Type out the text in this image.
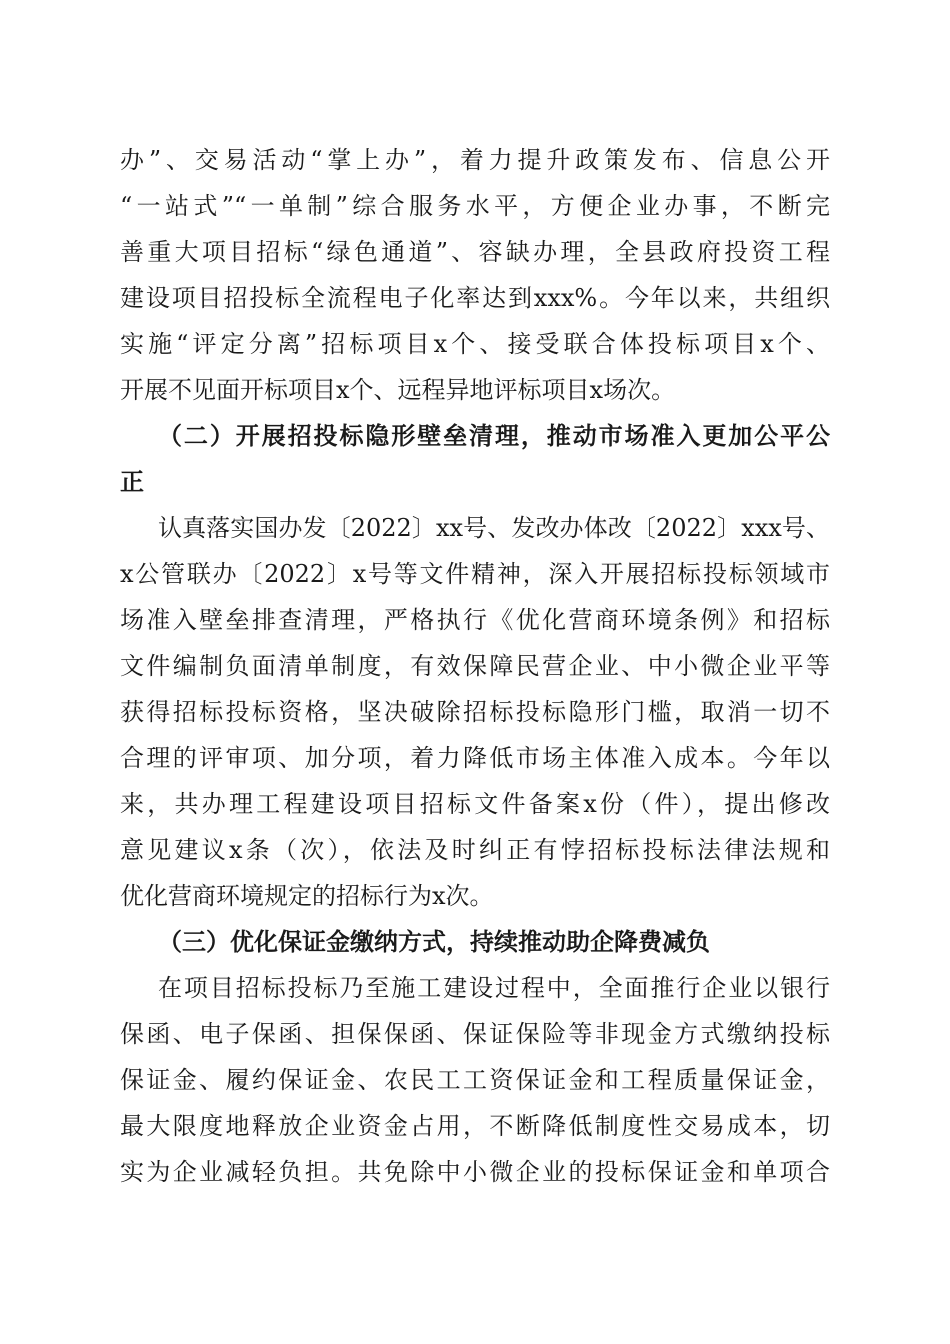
办”、交易活动“掌上办”，着力提升政策发布、信息公开
“一站式”“一单制”综合服务水平，方便企业办事，不断完
善重大项目招标“绿色通道”、容缺办理，全县政府投资工程
建设项目招投标全流程电子化率达到xxx%。今年以来，共组织
实施“评定分离”招标项目x个、接受联合体投标项目x个、
开展不见面开标项目x个、远程异地评标项目x场次。
（二）开展招投标隐形壁垒清理，推动市场准入更加公平公
正
认真落实国办发〔2022〕xx号、发改办体改〔2022〕xxx号、
x公管联办〔2022〕x号等文件精神，深入开展招标投标领域市
场准入壁垒排查清理，严格执行《优化营商环境条例》和招标
文件编制负面清单制度，有效保障民营企业、中小微企业平等
获得招标投标资格，坚决破除招标投标隐形门槛，取消一切不
合理的评审项、加分项，着力降低市场主体准入成本。今年以
来，共办理工程建设项目招标文件备案x份（件），提出修改
意见建议x条（次），依法及时纠正有悖招标投标法律法规和
优化营商环境规定的招标行为x次。
（三）优化保证金缴纳方式，持续推动助企降费减负
在项目招标投标乃至施工建设过程中，全面推行企业以银行
保函、电子保函、担保保函、保证保险等非现金方式缴纳投标
保证金、履约保证金、农民工工资保证金和工程质量保证金，
最大限度地释放企业资金占用，不断降低制度性交易成本，切
实为企业减轻负担。共免除中小微企业的投标保证金和单项合
